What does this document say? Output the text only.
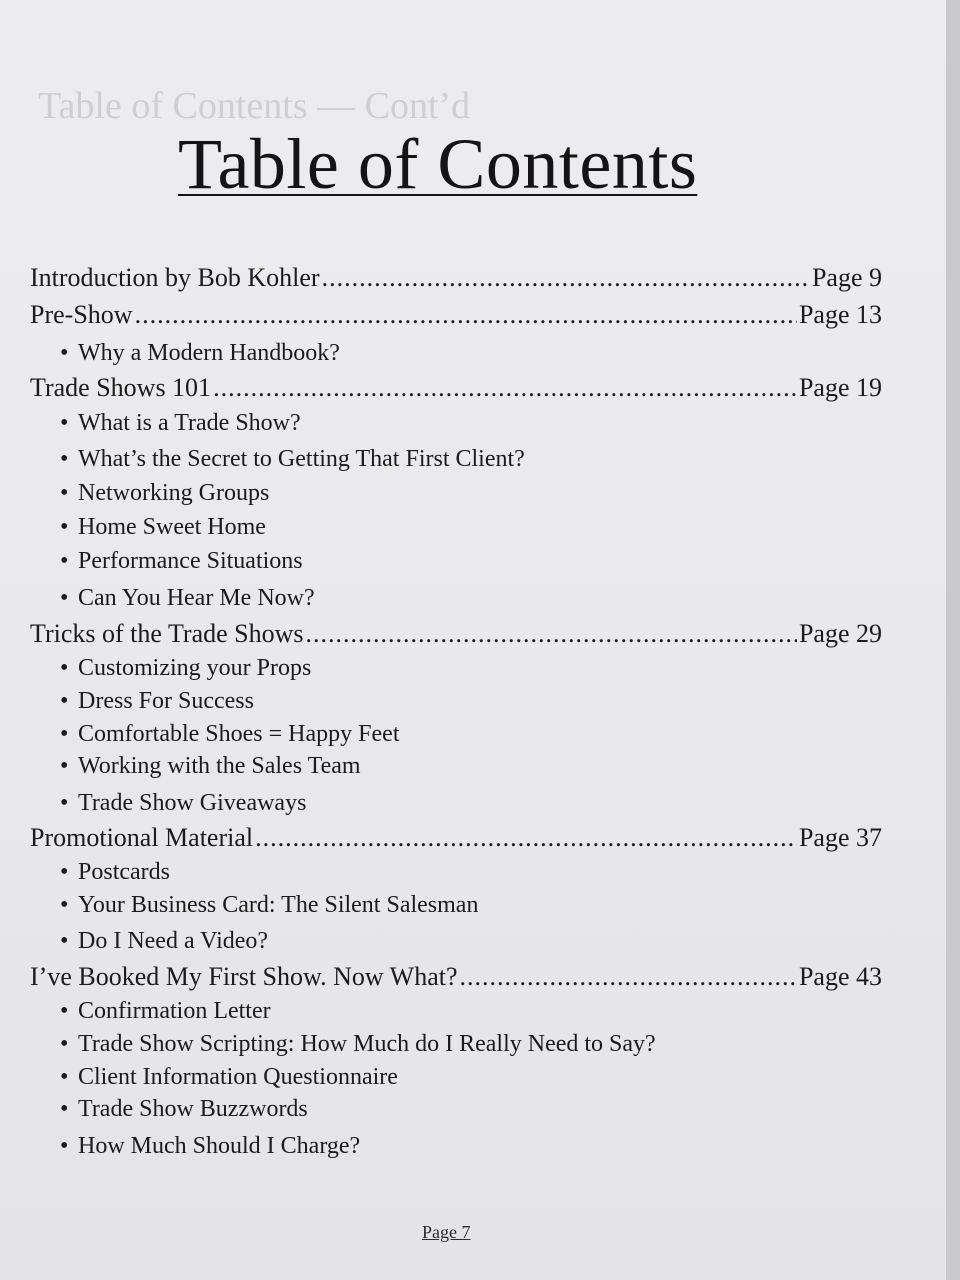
Table of Contents — Cont’d
Table of Contents
Introduction by Bob Kohler .....	Page 9
Pre-Show .....	Page 13
• Why a Modern Handbook?
Trade Shows 101 .....	Page 19
• What is a Trade Show?
• What’s the Secret to Getting That First Client?
• Networking Groups
• Home Sweet Home
• Performance Situations
• Can You Hear Me Now?
Tricks of the Trade Shows .....	Page 29
• Customizing your Props
• Dress For Success
• Comfortable Shoes = Happy Feet
• Working with the Sales Team
• Trade Show Giveaways
Promotional Material .....	Page 37
• Postcards
• Your Business Card: The Silent Salesman
• Do I Need a Video?
I’ve Booked My First Show. Now What? .....	Page 43
• Confirmation Letter
• Trade Show Scripting: How Much do I Really Need to Say?
• Client Information Questionnaire
• Trade Show Buzzwords
• How Much Should I Charge?
Page 7
